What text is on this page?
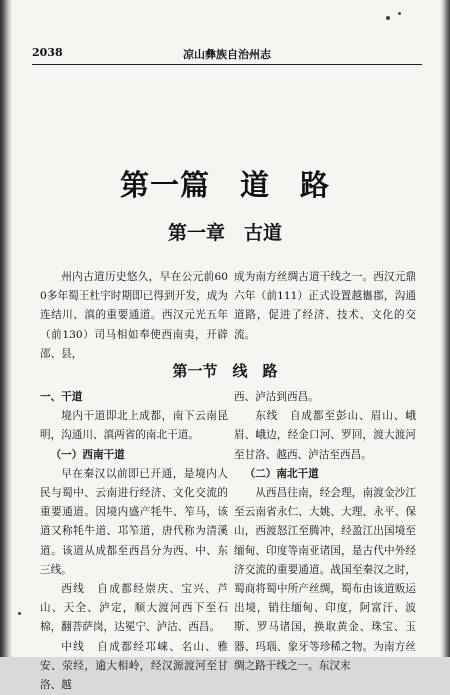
2038	凉山彝族自治州志
第一篇　道　路
第一章　古道

州内古道历史悠久，早在公元前600多年蜀王杜宇时期即已得到开发，成为连结川、滇的重要通道。西汉元光五年（前130）司马相如奉使西南夷，开辟邵、县，

成为南方丝绸古道干线之一。西汉元鼎六年（前111）正式设置越巂郡，沟通道路，促进了经济、技术、文化的交流。

第一节　线　路

一、干道

境内干道即北上成都，南下云南昆明，沟通川、滇两省的南北干道。

（一）西南干道

早在秦汉以前即已开通，是境内人民与蜀中、云南进行经济、文化交流的重要通道。因境内盛产牦牛、笮马，该道又称牦牛道、邛笮道，唐代称为清溪道。该道从成都至西昌分为西、中、东三线。

西线　自成都经崇庆、宝兴、芦山、天全、泸定，顺大渡河西下至石棉，翻菩萨岗，达冕宁、泸沽、西昌。

中线　自成都经邛崃、名山、雅安、荥经，逾大相岭，经汉源渡河至甘洛、越

西、泸沽到西昌。

东线　自成都至彭山、眉山、峨眉、峨边，经金口河、罗回，渡大渡河至甘洛、越西、泸沽至西昌。

（二）南北干道

从西昌往南，经会理，南渡金沙江至云南省永仁、大姚、大理、永平、保山，西渡怒江至腾冲，经盈江出国境至缅甸、印度等南亚诸国，是古代中外经济交流的重要通道。战国至秦汉之时，蜀商将蜀中所产丝绸，蜀布由该道贩运出境，销往缅甸、印度，阿富汗、波斯、罗马诸国，换取黄金、珠宝、玉器、玛瑙、象牙等珍稀之物。为南方丝绸之路干线之一。东汉末
